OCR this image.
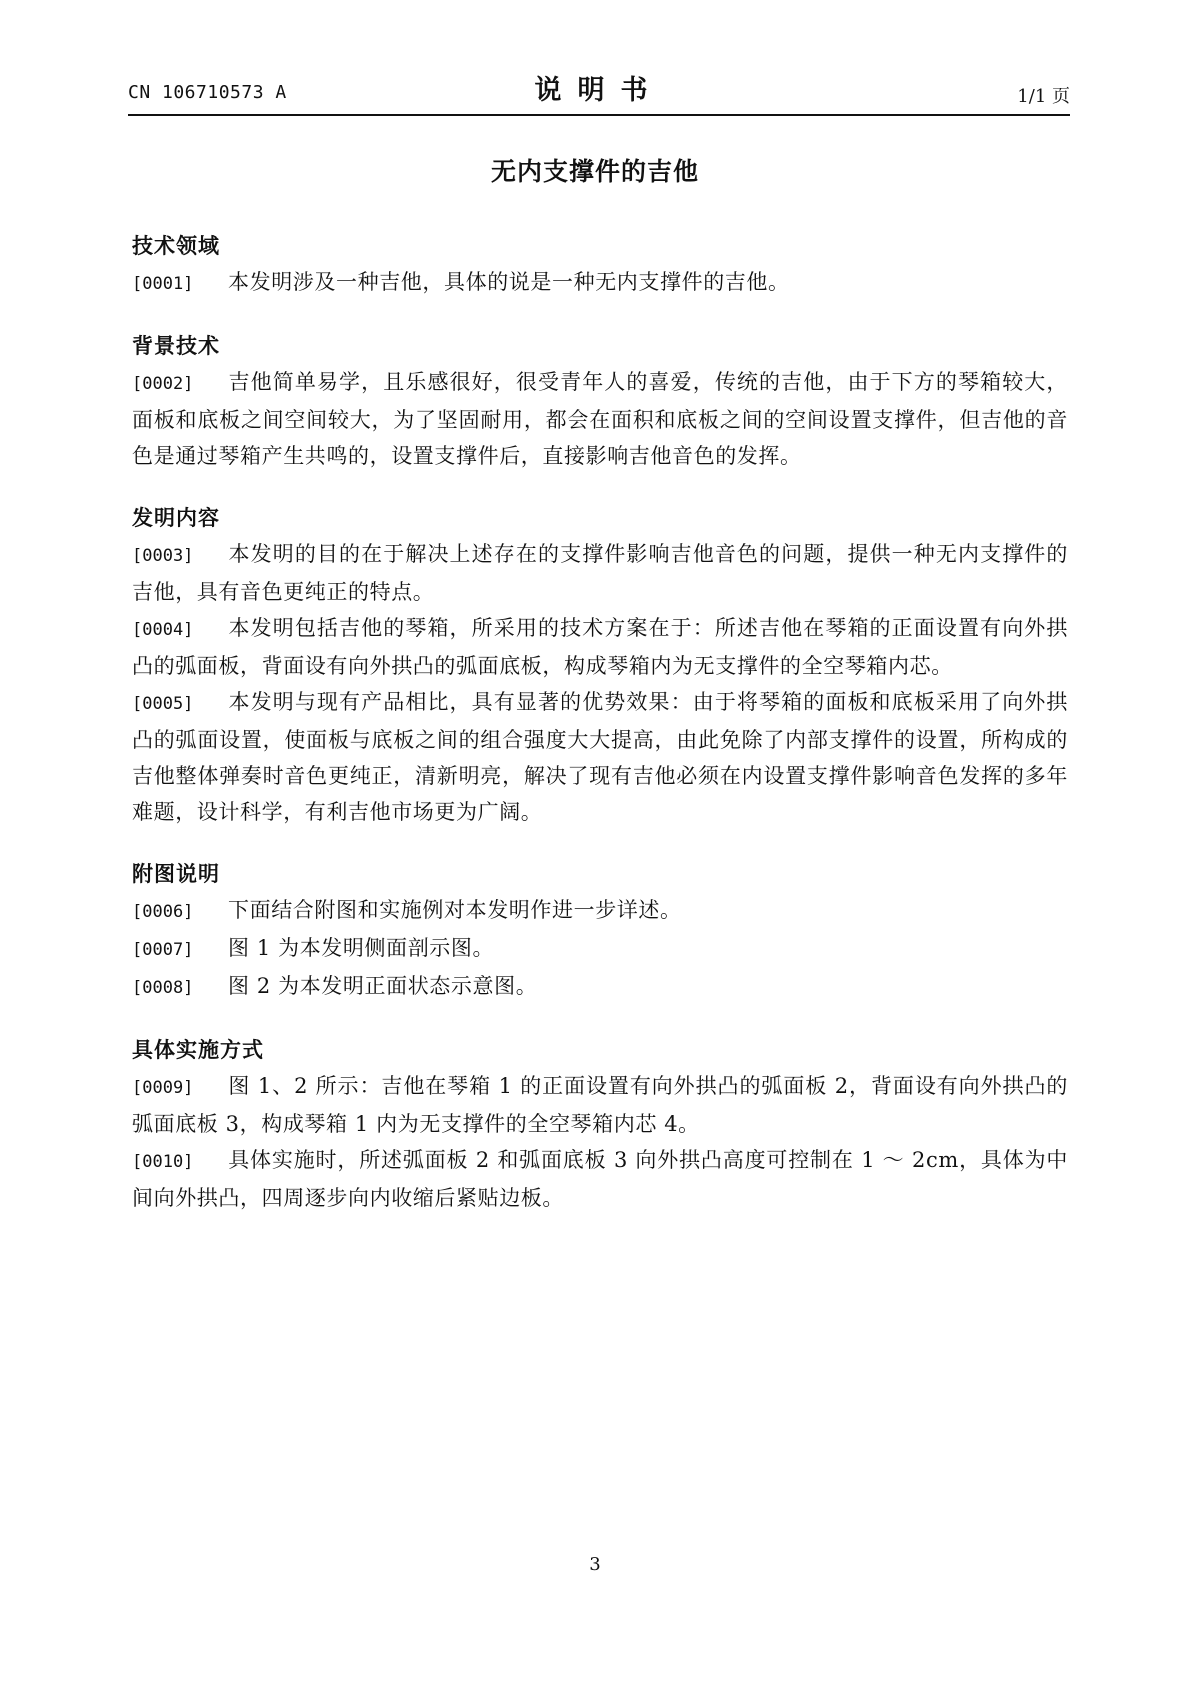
CN 106710573 A	说明书	1/1 页
无内支撑件的吉他
技术领域
[0001] 本发明涉及一种吉他，具体的说是一种无内支撑件的吉他。
背景技术
[0002] 吉他简单易学，且乐感很好，很受青年人的喜爱，传统的吉他，由于下方的琴箱较大，面板和底板之间空间较大，为了坚固耐用，都会在面积和底板之间的空间设置支撑件，但吉他的音色是通过琴箱产生共鸣的，设置支撑件后，直接影响吉他音色的发挥。
发明内容
[0003] 本发明的目的在于解决上述存在的支撑件影响吉他音色的问题，提供一种无内支撑件的吉他，具有音色更纯正的特点。
[0004] 本发明包括吉他的琴箱，所采用的技术方案在于：所述吉他在琴箱的正面设置有向外拱凸的弧面板，背面设有向外拱凸的弧面底板，构成琴箱内为无支撑件的全空琴箱内芯。
[0005] 本发明与现有产品相比，具有显著的优势效果：由于将琴箱的面板和底板采用了向外拱凸的弧面设置，使面板与底板之间的组合强度大大提高，由此免除了内部支撑件的设置，所构成的吉他整体弹奏时音色更纯正，清新明亮，解决了现有吉他必须在内设置支撑件影响音色发挥的多年难题，设计科学，有利吉他市场更为广阔。
附图说明
[0006] 下面结合附图和实施例对本发明作进一步详述。
[0007] 图 1 为本发明侧面剖示图。
[0008] 图 2 为本发明正面状态示意图。
具体实施方式
[0009] 图 1、2 所示：吉他在琴箱 1 的正面设置有向外拱凸的弧面板 2，背面设有向外拱凸的弧面底板 3，构成琴箱 1 内为无支撑件的全空琴箱内芯 4。
[0010] 具体实施时，所述弧面板 2 和弧面底板 3 向外拱凸高度可控制在 1 ～ 2cm，具体为中间向外拱凸，四周逐步向内收缩后紧贴边板。
3
